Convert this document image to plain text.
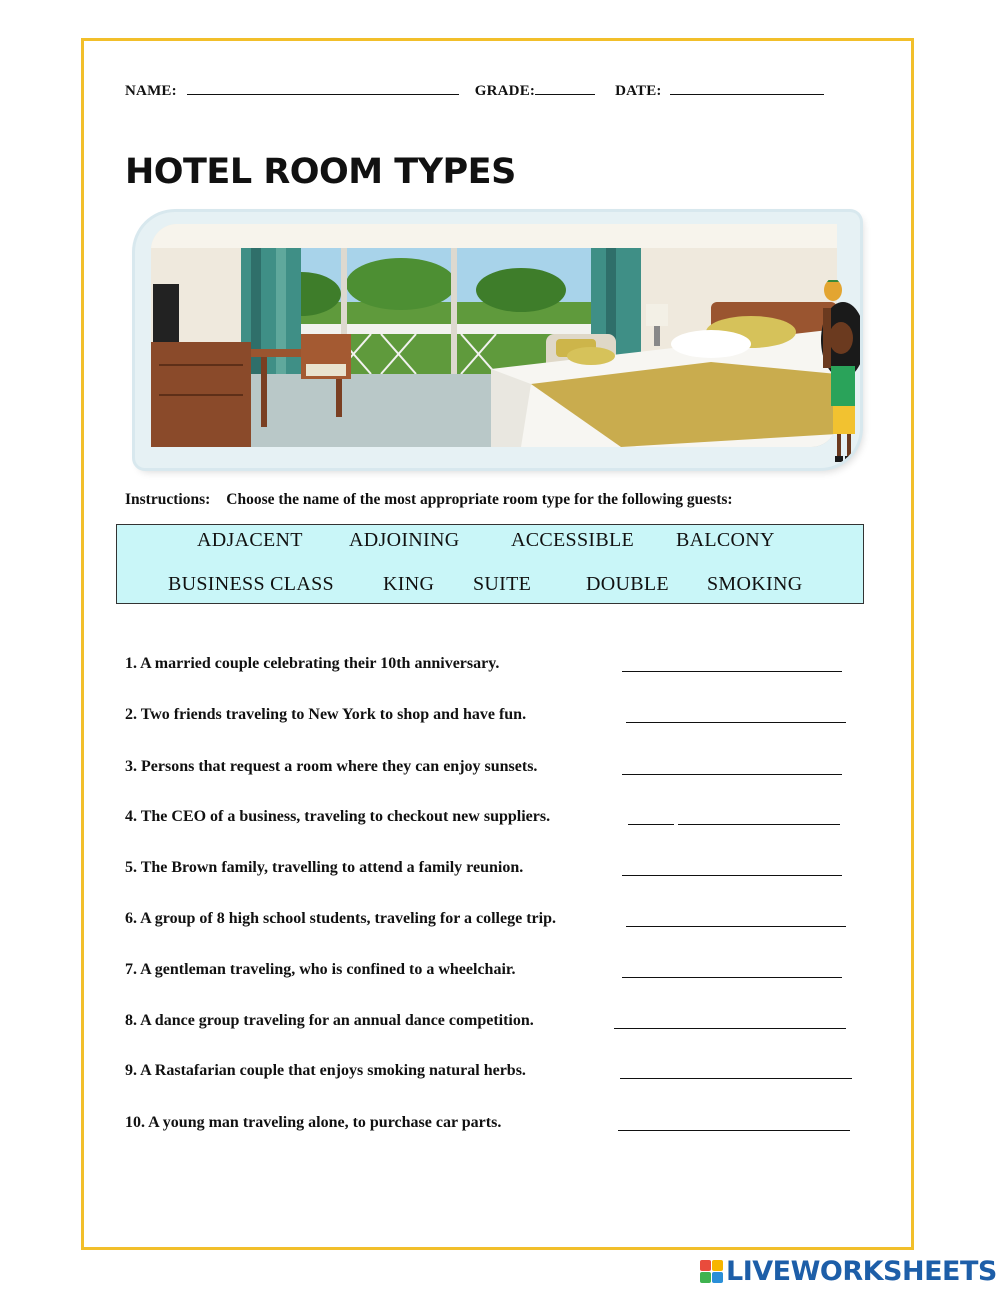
NAME:	GRADE:	DATE:
HOTEL ROOM TYPES
Instructions: Choose the name of the most appropriate room type for the following guests:
ADJACENT ADJOINING	ACCESSIBLE BALCONY
BUSINESS CLASS KING SUITE	DOUBLE SMOKING
1. A married couple celebrating their 10th anniversary.
2. Two friends traveling to New York to shop and have fun.
3. Persons that request a room where they can enjoy sunsets.
4. The CEO of a business, traveling to checkout new suppliers.
5. The Brown family, travelling to attend a family reunion.
6. A group of 8 high school students, traveling for a college trip.
7. A gentleman traveling, who is confined to a wheelchair.
8. A dance group traveling for an annual dance competition.
9. A Rastafarian couple that enjoys smoking natural herbs.
10. A young man traveling alone, to purchase car parts.
LIVEWORKSHEETS
